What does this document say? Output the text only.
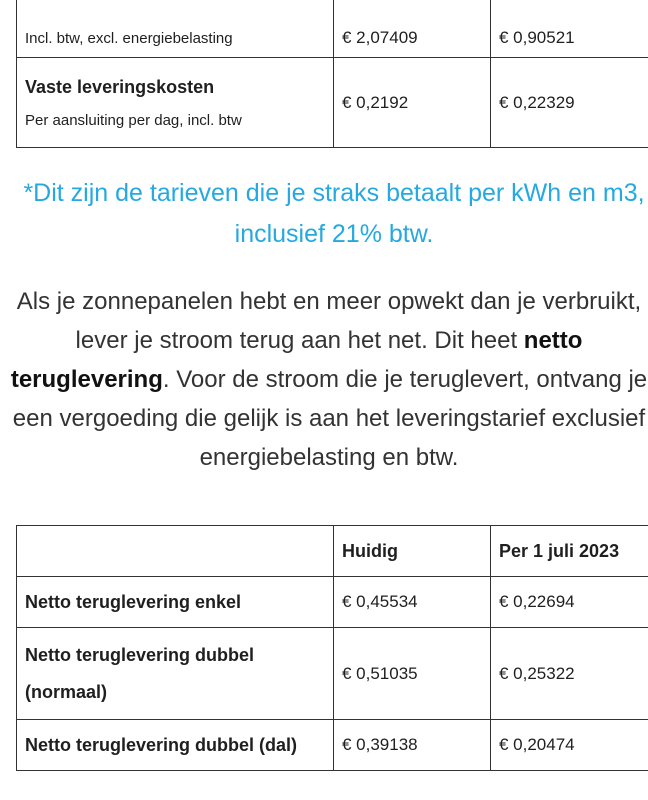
Incl. btw, excl. energiebelasting	€ 2,07409	€ 0,90521

Vaste leveringskosten
Per aansluiting per dag, incl. btw	€ 0,2192	€ 0,22329

*Dit zijn de tarieven die je straks betaalt per kWh en m3, inclusief 21% btw.

Als je zonnepanelen hebt en meer opwekt dan je verbruikt, lever je stroom terug aan het net. Dit heet netto teruglevering. Voor de stroom die je teruglevert, ontvang je een vergoeding die gelijk is aan het leveringstarief exclusief energiebelasting en btw.

	Huidig	Per 1 juli 2023
Netto teruglevering enkel	€ 0,45534	€ 0,22694
Netto teruglevering dubbel (normaal)	€ 0,51035	€ 0,25322
Netto teruglevering dubbel (dal)	€ 0,39138	€ 0,20474
